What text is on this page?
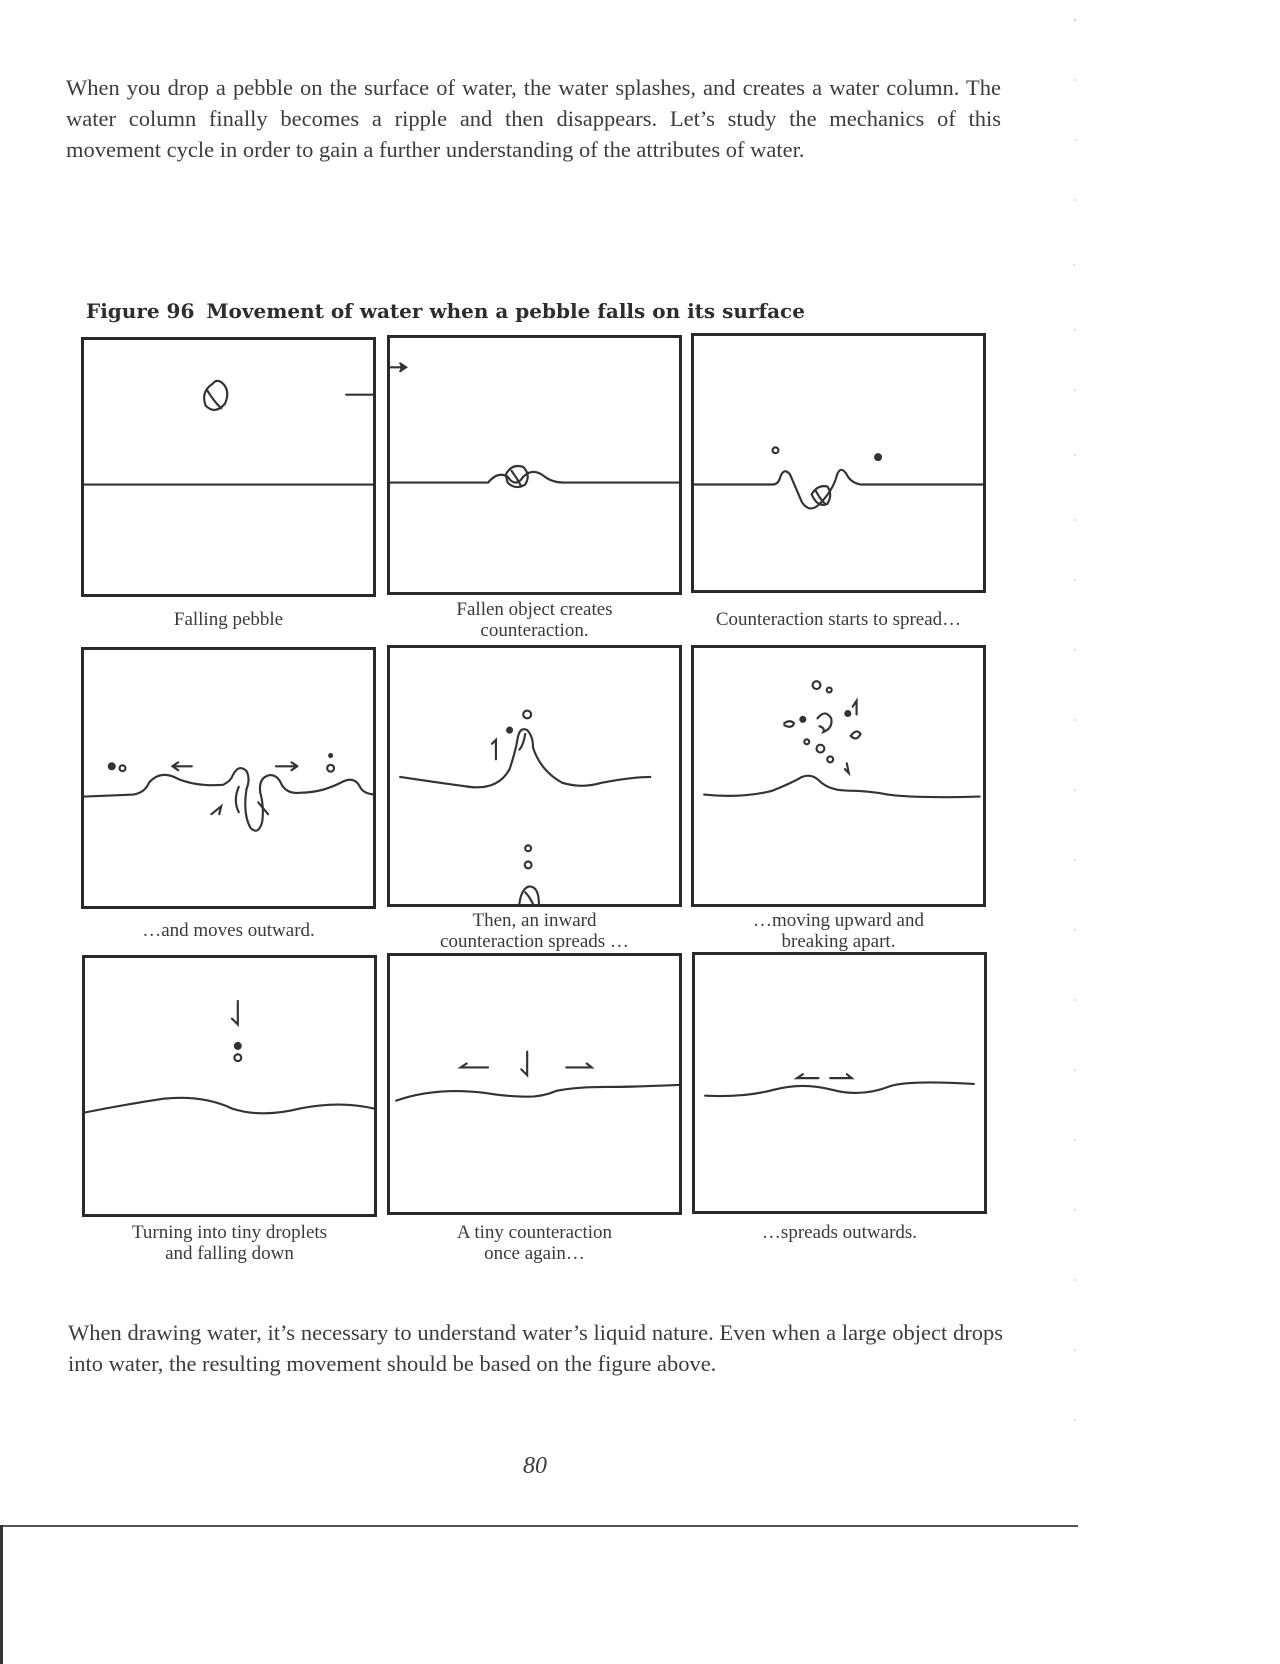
When you drop a pebble on the surface of water, the water splashes, and creates a water column. The water column finally becomes a ripple and then disappears. Let’s study the mechanics of this movement cycle in order to gain a further understanding of the attributes of water.

Figure 96 Movement of water when a pebble falls on its surface
Falling pebble	Fallen object creates
counteraction.
Counteraction starts to spread…
…and moves outward.	Then, an inward
counteraction spreads …
…moving upward and
breaking apart.
Turning into tiny droplets
and falling down
A tiny counteraction
once again…
…spreads outwards.

When drawing water, it’s necessary to understand water’s liquid nature. Even when a large object drops into water, the resulting movement should be based on the figure above.

80
